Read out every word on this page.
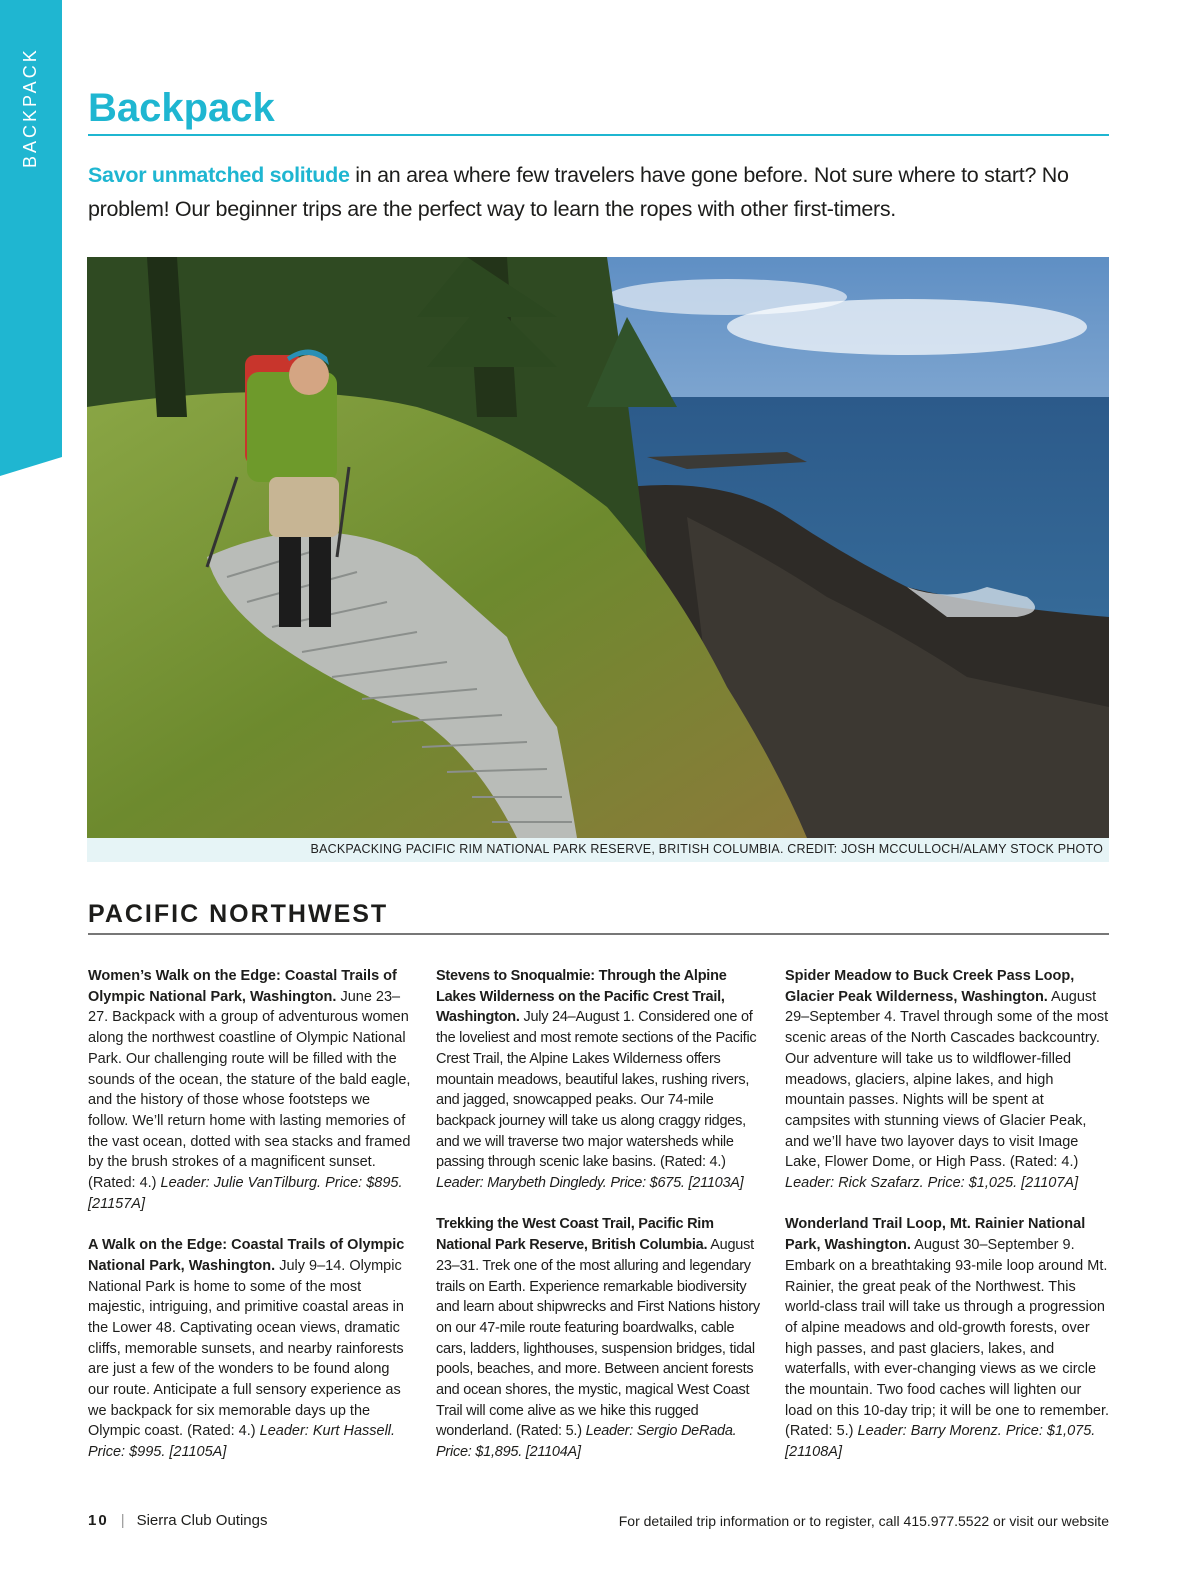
BACKPACK Backpack

Savor unmatched solitude in an area where few travelers have gone before. Not sure where to start? No problem! Our beginner trips are the perfect way to learn the ropes with other first-timers.

BACKPACKING PACIFIC RIM NATIONAL PARK RESERVE, BRITISH COLUMBIA. CREDIT: JOSH MCCULLOCH/ALAMY STOCK PHOTO
PACIFIC NORTHWEST

Women’s Walk on the Edge: Coastal Trails of Olympic National Park, Washington. June 23–27. Backpack with a group of adventurous women along the northwest coastline of Olympic National Park. Our challenging route will be filled with the sounds of the ocean, the stature of the bald eagle, and the history of those whose footsteps we follow. We’ll return home with lasting memories of the vast ocean, dotted with sea stacks and framed by the brush strokes of a magnificent sunset. (Rated: 4.) Leader: Julie VanTilburg. Price: $895. [21157A]

A Walk on the Edge: Coastal Trails of Olympic National Park, Washington. July 9–14. Olympic National Park is home to some of the most majestic, intriguing, and primitive coastal areas in the Lower 48. Captivating ocean views, dramatic cliffs, memorable sunsets, and nearby rainforests are just a few of the wonders to be found along our route. Anticipate a full sensory experience as we backpack for six memorable days up the Olympic coast. (Rated: 4.) Leader: Kurt Hassell. Price: $995. [21105A]

Stevens to Snoqualmie: Through the Alpine Lakes Wilderness on the Pacific Crest Trail, Washington. July 24–August 1. Considered one of the loveliest and most remote sections of the Pacific Crest Trail, the Alpine Lakes Wilderness offers mountain meadows, beautiful lakes, rushing rivers, and jagged, snowcapped peaks. Our 74-mile backpack journey will take us along craggy ridges, and we will traverse two major watersheds while passing through scenic lake basins. (Rated: 4.) Leader: Marybeth Dingledy. Price: $675. [21103A]

Trekking the West Coast Trail, Pacific Rim National Park Reserve, British Columbia. August 23–31. Trek one of the most alluring and legendary trails on Earth. Experience remarkable biodiversity and learn about shipwrecks and First Nations history on our 47-mile route featuring boardwalks, cable cars, ladders, lighthouses, suspension bridges, tidal pools, beaches, and more. Between ancient forests and ocean shores, the mystic, magical West Coast Trail will come alive as we hike this rugged wonderland. (Rated: 5.) Leader: Sergio DeRada. Price: $1,895. [21104A]

Spider Meadow to Buck Creek Pass Loop, Glacier Peak Wilderness, Washington. August 29–September 4. Travel through some of the most scenic areas of the North Cascades backcountry. Our adventure will take us to wildflower-filled meadows, glaciers, alpine lakes, and high mountain passes. Nights will be spent at campsites with stunning views of Glacier Peak, and we’ll have two layover days to visit Image Lake, Flower Dome, or High Pass. (Rated: 4.) Leader: Rick Szafarz. Price: $1,025. [21107A]

Wonderland Trail Loop, Mt. Rainier National Park, Washington. August 30–September 9. Embark on a breathtaking 93-mile loop around Mt. Rainier, the great peak of the Northwest. This world-class trail will take us through a progression of alpine meadows and old-growth forests, over high passes, and past glaciers, lakes, and waterfalls, with ever-changing views as we circle the mountain. Two food caches will lighten our load on this 10-day trip; it will be one to remember. (Rated: 5.) Leader: Barry Morenz. Price: $1,075. [21108A]

10 | Sierra Club Outings	For detailed trip information or to register, call 415.977.5522 or visit our website
